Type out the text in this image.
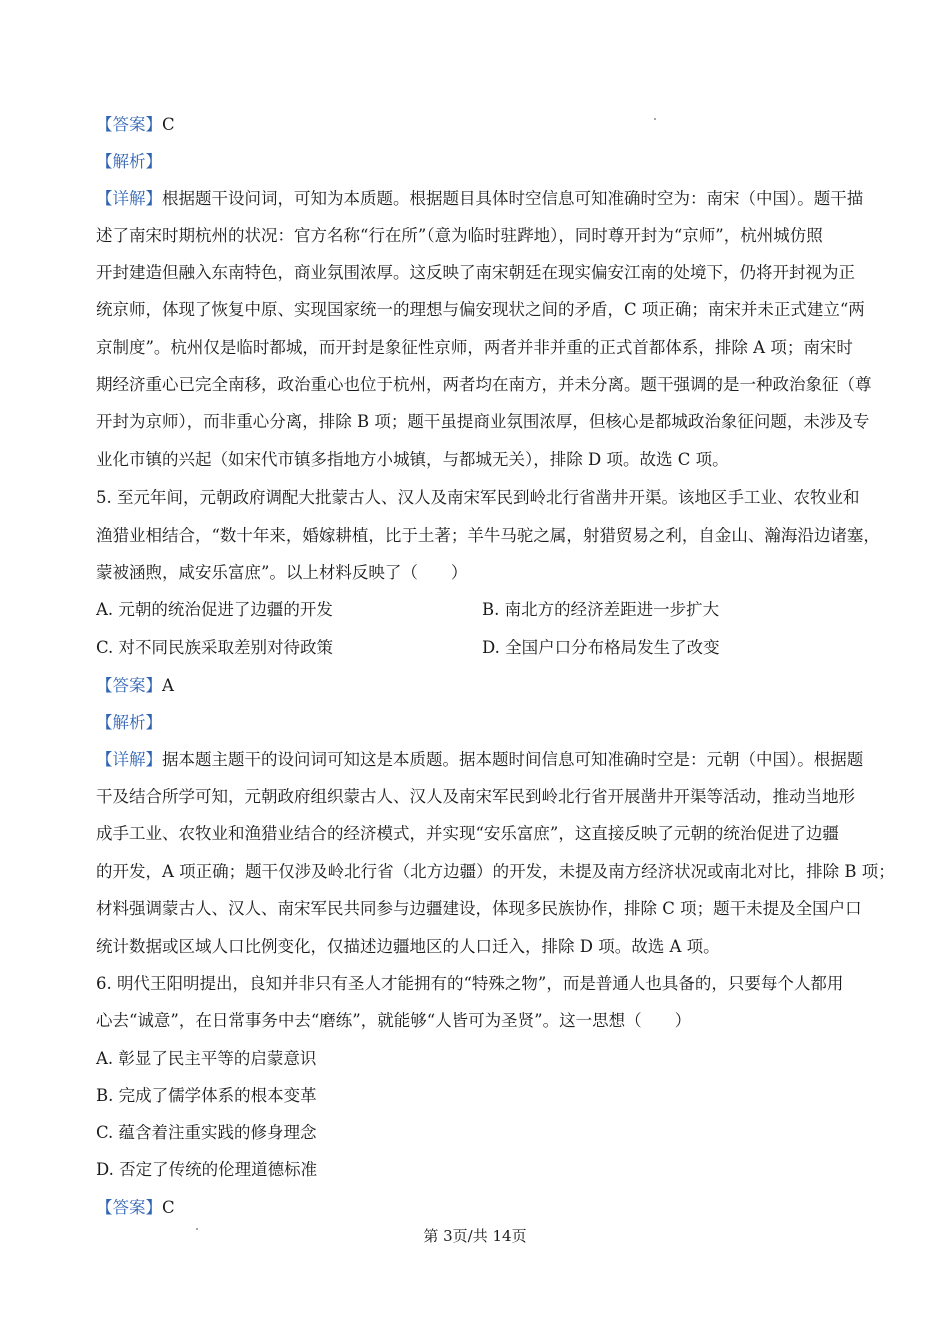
【答案】C
【解析】
【详解】根据题干设问词，可知为本质题。根据题目具体时空信息可知准确时空为：南宋（中国）。题干描
述了南宋时期杭州的状况：官方名称“行在所”（意为临时驻跸地），同时尊开封为“京师”，杭州城仿照
开封建造但融入东南特色，商业氛围浓厚。这反映了南宋朝廷在现实偏安江南的处境下，仍将开封视为正
统京师，体现了恢复中原、实现国家统一的理想与偏安现状之间的矛盾，C 项正确；南宋并未正式建立“两
京制度”。杭州仅是临时都城，而开封是象征性京师，两者并非并重的正式首都体系，排除 A 项；南宋时
期经济重心已完全南移，政治重心也位于杭州，两者均在南方，并未分离。题干强调的是一种政治象征（尊
开封为京师），而非重心分离，排除 B 项；题干虽提商业氛围浓厚，但核心是都城政治象征问题，未涉及专
业化市镇的兴起（如宋代市镇多指地方小城镇，与都城无关），排除 D 项。故选 C 项。
5. 至元年间，元朝政府调配大批蒙古人、汉人及南宋军民到岭北行省凿井开渠。该地区手工业、农牧业和
渔猎业相结合，“数十年来，婚嫁耕植，比于土著；羊牛马驼之属，射猎贸易之利，自金山、瀚海沿边诸塞，
蒙被涵煦，咸安乐富庶”。以上材料反映了（　　）
A. 元朝的统治促进了边疆的开发	B. 南北方的经济差距进一步扩大
C. 对不同民族采取差别对待政策	D. 全国户口分布格局发生了改变
【答案】A
【解析】
【详解】据本题主题干的设问词可知这是本质题。据本题时间信息可知准确时空是：元朝（中国）。根据题
干及结合所学可知，元朝政府组织蒙古人、汉人及南宋军民到岭北行省开展凿井开渠等活动，推动当地形
成手工业、农牧业和渔猎业结合的经济模式，并实现“安乐富庶”，这直接反映了元朝的统治促进了边疆
的开发，A 项正确；题干仅涉及岭北行省（北方边疆）的开发，未提及南方经济状况或南北对比，排除 B 项；
材料强调蒙古人、汉人、南宋军民共同参与边疆建设，体现多民族协作，排除 C 项；题干未提及全国户口
统计数据或区域人口比例变化，仅描述边疆地区的人口迁入，排除 D 项。故选 A 项。
6. 明代王阳明提出，良知并非只有圣人才能拥有的“特殊之物”，而是普通人也具备的，只要每个人都用
心去“诚意”，在日常事务中去“磨练”，就能够“人皆可为圣贤”。这一思想（　　）
A. 彰显了民主平等的启蒙意识
B. 完成了儒学体系的根本变革
C. 蕴含着注重实践的修身理念
D. 否定了传统的伦理道德标准
【答案】C
第 3页/共 14页
